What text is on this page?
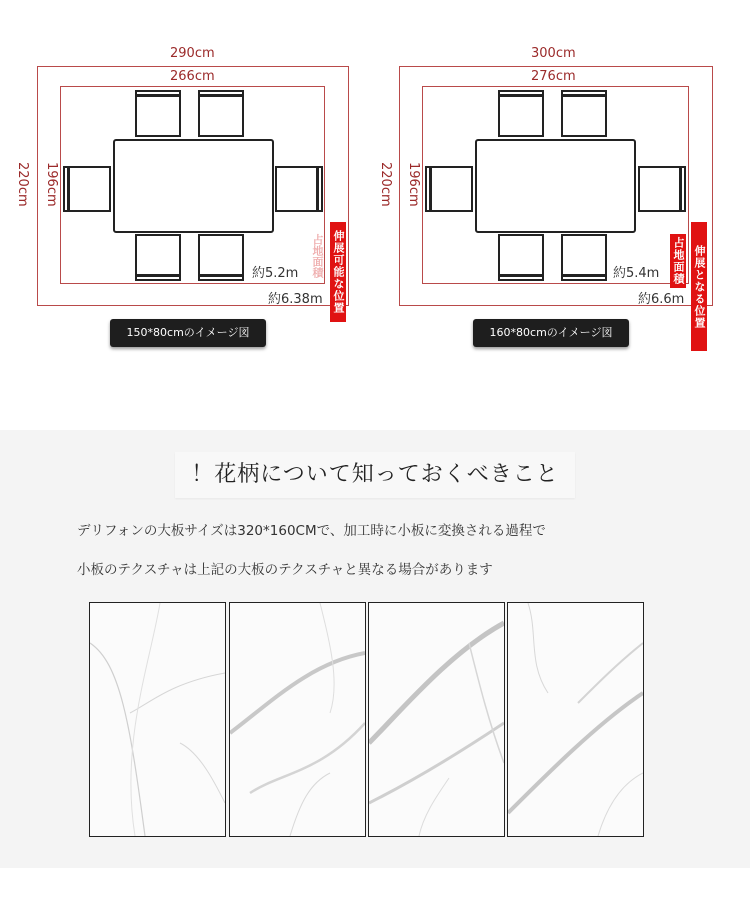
290cm
266cm
220cm 196cm
約5.2m
約6.38m
占地面積 伸展可能な位置
150*80cmのイメージ図
300cm
276cm
220cm 196cm
約5.4m
約6.6m
占地面積 伸展となる位置
160*80cmのイメージ図
！花柄について知っておくべきこと
デリフォンの大板サイズは320*160CMで、加工時に小板に変換される過程で
小板のテクスチャは上記の大板のテクスチャと異なる場合があります
